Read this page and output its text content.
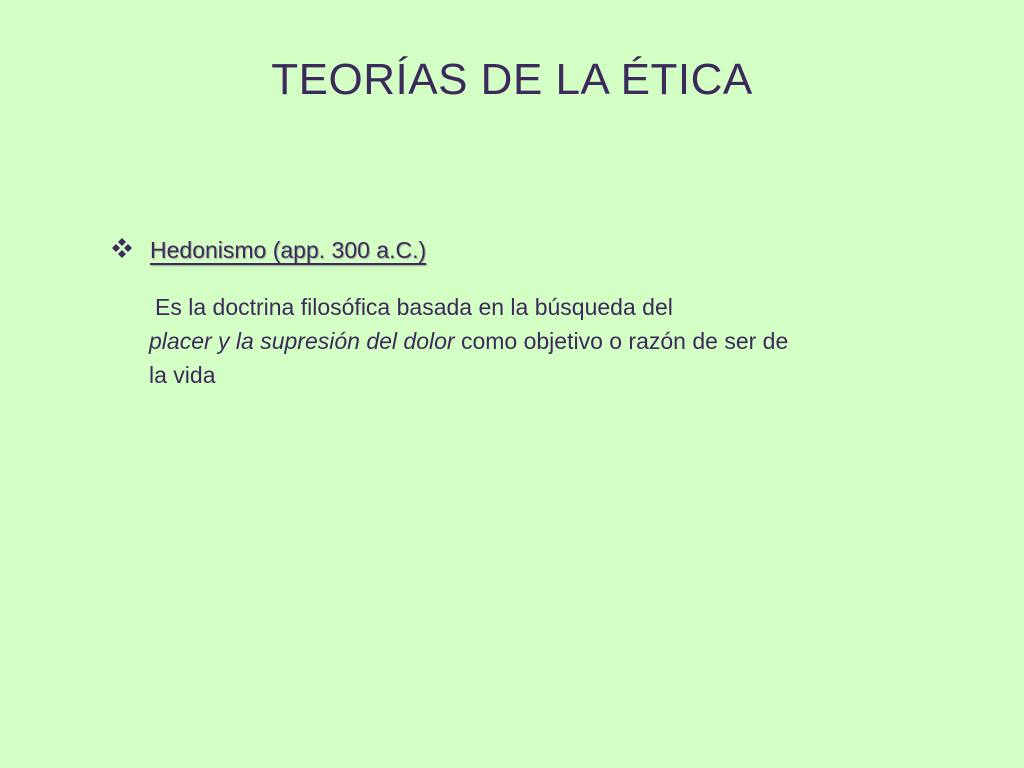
TEORÍAS DE LA ÉTICA
Hedonismo (app. 300 a.C.)
Es la doctrina filosófica basada en la búsqueda del
placer y la supresión del dolor como objetivo o razón de ser de la vida
